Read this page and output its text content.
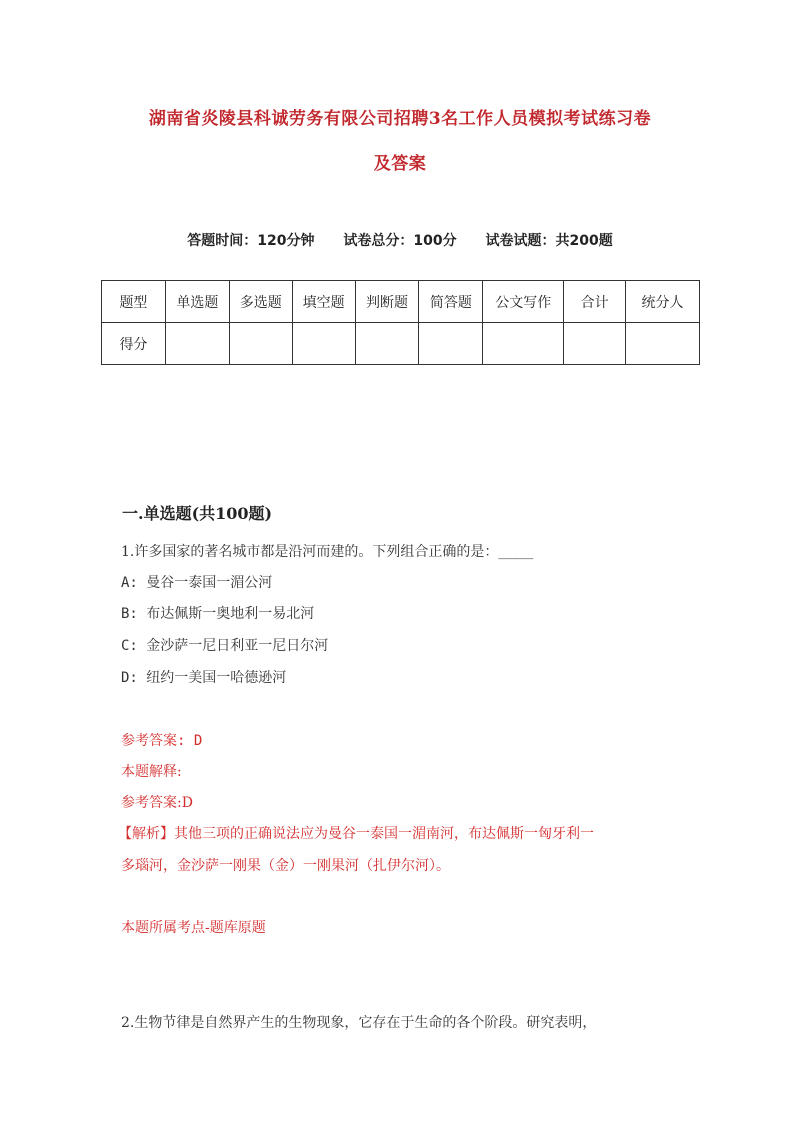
湖南省炎陵县科诚劳务有限公司招聘3名工作人员模拟考试练习卷
及答案
答题时间：120分钟 试卷总分：100分 试卷试题：共200题
题型	单选题	多选题	填空题	判断题	简答题	公文写作	合计	统分人
得分								
一.单选题(共100题)
1.许多国家的著名城市都是沿河而建的。下列组合正确的是：_____
A: 曼谷一泰国一湄公河
B: 布达佩斯一奥地利一易北河
C: 金沙萨一尼日利亚一尼日尔河
D: 纽约一美国一哈德逊河
参考答案: D
本题解释:
参考答案:D
【解析】其他三项的正确说法应为曼谷一泰国一湄南河，布达佩斯一匈牙利一
多瑙河，金沙萨一刚果（金）一刚果河（扎伊尔河）。
本题所属考点-题库原题
2.生物节律是自然界产生的生物现象，它存在于生命的各个阶段。研究表明，
